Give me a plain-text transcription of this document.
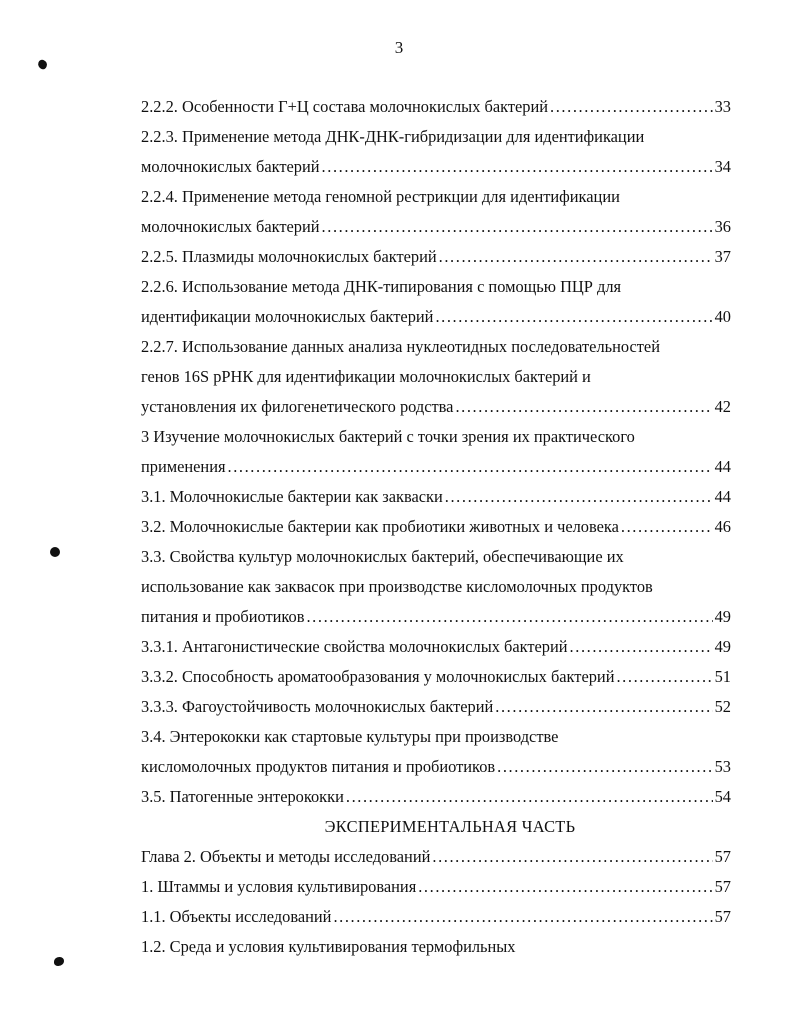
3
2.2.2. Особенности Г+Ц состава молочнокислых бактерий .....	33
2.2.3. Применение метода ДНК-ДНК-гибридизации для идентификации
молочнокислых бактерий .....	34
2.2.4. Применение метода геномной рестрикции для идентификации
молочнокислых бактерий .....	36
2.2.5. Плазмиды молочнокислых бактерий .....	37
2.2.6. Использование метода ДНК-типирования с помощью ПЦР для
идентификации молочнокислых бактерий .....	40
2.2.7. Использование данных анализа нуклеотидных последовательностей
генов 16S рРНК для идентификации молочнокислых бактерий и
установления их филогенетического родства .....	42
3 Изучение молочнокислых бактерий с точки зрения их практического
применения .....	44
3.1. Молочнокислые бактерии как закваски .....	44
3.2. Молочнокислые бактерии как пробиотики животных и человека .....	46
3.3. Свойства культур молочнокислых бактерий, обеспечивающие их
использование как заквасок при производстве кисломолочных продуктов
питания и пробиотиков .....	49
3.3.1. Антагонистические свойства молочнокислых бактерий .....	49
3.3.2. Способность ароматообразования у молочнокислых бактерий .....	51
3.3.3. Фагоустойчивость молочнокислых бактерий .....	52
3.4. Энтерококки как стартовые культуры при производстве
кисломолочных продуктов питания и пробиотиков .....	53
3.5. Патогенные энтерококки .....	54
ЭКСПЕРИМЕНТАЛЬНАЯ ЧАСТЬ
Глава 2. Объекты и методы исследований .....	57
1. Штаммы и условия культивирования .....	57
1.1. Объекты исследований .....	57
1.2. Среда и условия культивирования термофильных
